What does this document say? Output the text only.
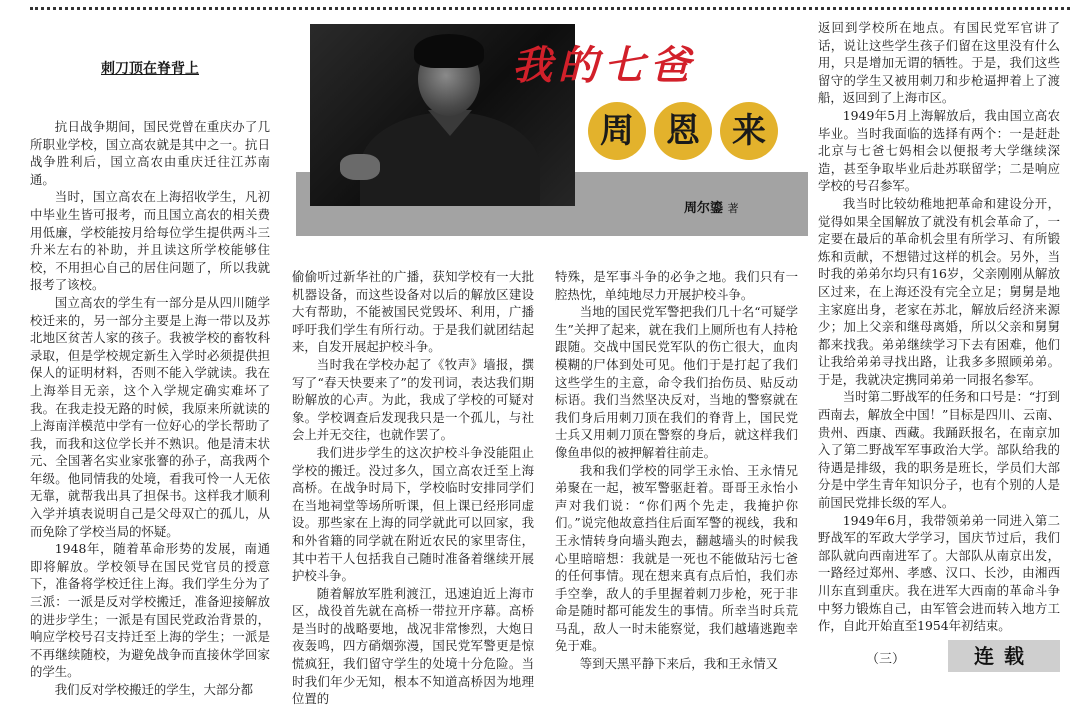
刺刀顶在脊背上	我的七爸
周 恩 来
周尔鎏 著

抗日战争期间，国民党曾在重庆办了几所职业学校，国立高农就是其中之一。抗日战争胜利后，国立高农由重庆迁往江苏南通。

当时，国立高农在上海招收学生，凡初中毕业生皆可报考，而且国立高农的相关费用低廉，学校能按月给每位学生提供两斗三升米左右的补助，并且读这所学校能够住校，不用担心自己的居住问题了，所以我就报考了该校。

国立高农的学生有一部分是从四川随学校迁来的，另一部分主要是上海一带以及苏北地区贫苦人家的孩子。我被学校的畜牧科录取，但是学校规定新生入学时必须提供担保人的证明材料，否则不能入学就读。我在上海举目无亲，这个入学规定确实难坏了我。在我走投无路的时候，我原来所就读的上海南洋模范中学有一位好心的学长帮助了我，而我和这位学长并不熟识。他是清末状元、全国著名实业家张謇的孙子，高我两个年级。他同情我的处境，看我可怜一人无依无靠，就帮我出具了担保书。这样我才顺利入学并填表说明自己是父母双亡的孤儿，从而免除了学校当局的怀疑。

1948年，随着革命形势的发展，南通即将解放。学校领导在国民党官员的授意下，准备将学校迁往上海。我们学生分为了三派：一派是反对学校搬迁，准备迎接解放的进步学生；一派是有国民党政治背景的，响应学校号召支持迁至上海的学生；一派是不再继续随校，为避免战争而直接休学回家的学生。

我们反对学校搬迁的学生，大部分都

偷偷听过新华社的广播，获知学校有一大批机器设备，而这些设备对以后的解放区建设大有帮助，不能被国民党毁坏、利用，广播呼吁我们学生有所行动。于是我们就团结起来，自发开展起护校斗争。

当时我在学校办起了《牧声》墙报，撰写了“春天快要来了”的发刊词，表达我们期盼解放的心声。为此，我成了学校的可疑对象。学校调查后发现我只是一个孤儿，与社会上并无交往，也就作罢了。

我们进步学生的这次护校斗争没能阻止学校的搬迁。没过多久，国立高农迁至上海高桥。在战争时局下，学校临时安排同学们在当地祠堂等场所听课，但上课已经形同虚设。那些家在上海的同学就此可以回家，我和外省籍的同学就在附近农民的家里寄住，其中若干人包括我自己随时准备着继续开展护校斗争。

随着解放军胜利渡江，迅速迫近上海市区，战役首先就在高桥一带拉开序幕。高桥是当时的战略要地，战况非常惨烈，大炮日夜轰鸣，四方硝烟弥漫，国民党军警更是惊慌疯狂，我们留守学生的处境十分危险。当时我们年少无知，根本不知道高桥因为地理位置的

特殊，是军事斗争的必争之地。我们只有一腔热忱，单纯地尽力开展护校斗争。

当地的国民党军警把我们几十名“可疑学生”关押了起来，就在我们上厕所也有人持枪跟随。交战中国民党军队的伤亡很大，血肉模糊的尸体到处可见。他们于是打起了我们这些学生的主意，命令我们抬伤员、贴反动标语。我们当然坚决反对，当地的警察就在我们身后用刺刀顶在我们的脊背上，国民党士兵又用刺刀顶在警察的身后，就这样我们像鱼串似的被押解着往前走。

我和我们学校的同学王永怡、王永情兄弟聚在一起，被军警驱赶着。哥哥王永怡小声对我们说：“你们两个先走，我掩护你们。”说完他故意挡住后面军警的视线，我和王永情转身向墙头跑去，翻越墙头的时候我心里暗暗想：我就是一死也不能做玷污七爸的任何事情。现在想来真有点后怕，我们赤手空拳，敌人的手里握着刺刀步枪，死于非命是随时都可能发生的事情。所幸当时兵荒马乱，敌人一时未能察觉，我们越墙逃跑幸免于难。

等到天黑平静下来后，我和王永情又

返回到学校所在地点。有国民党军官讲了话，说让这些学生孩子们留在这里没有什么用，只是增加无谓的牺牲。于是，我们这些留守的学生又被用刺刀和步枪逼押着上了渡船，返回到了上海市区。

1949年5月上海解放后，我由国立高农毕业。当时我面临的选择有两个：一是赶赴北京与七爸七妈相会以便报考大学继续深造，甚至争取毕业后赴苏联留学；二是响应学校的号召参军。

我当时比较幼稚地把革命和建设分开，觉得如果全国解放了就没有机会革命了，一定要在最后的革命机会里有所学习、有所锻炼和贡献，不想错过这样的机会。另外，当时我的弟弟尔均只有16岁，父亲刚刚从解放区过来，在上海还没有完全立足；舅舅是地主家庭出身，老家在苏北，解放后经济来源少；加上父亲和继母离婚，所以父亲和舅舅都来找我。弟弟继续学习下去有困难，他们让我给弟弟寻找出路，让我多多照顾弟弟。于是，我就决定携同弟弟一同报名参军。

当时第二野战军的任务和口号是：“打到西南去，解放全中国！”目标是四川、云南、贵州、西康、西藏。我踊跃报名，在南京加入了第二野战军军事政治大学。部队给我的待遇是排级，我的职务是班长，学员们大部分是中学生青年知识分子，也有个别的人是前国民党排长级的军人。

1949年6月，我带领弟弟一同进入第二野战军的军政大学学习，国庆节过后，我们部队就向西南进军了。大部队从南京出发，一路经过郑州、孝感、汉口、长沙，由湘西川东直到重庆。我在进军大西南的革命斗争中努力锻炼自己，由军管会进而转入地方工作，自此开始直至1954年初结束。

（三）	连载
